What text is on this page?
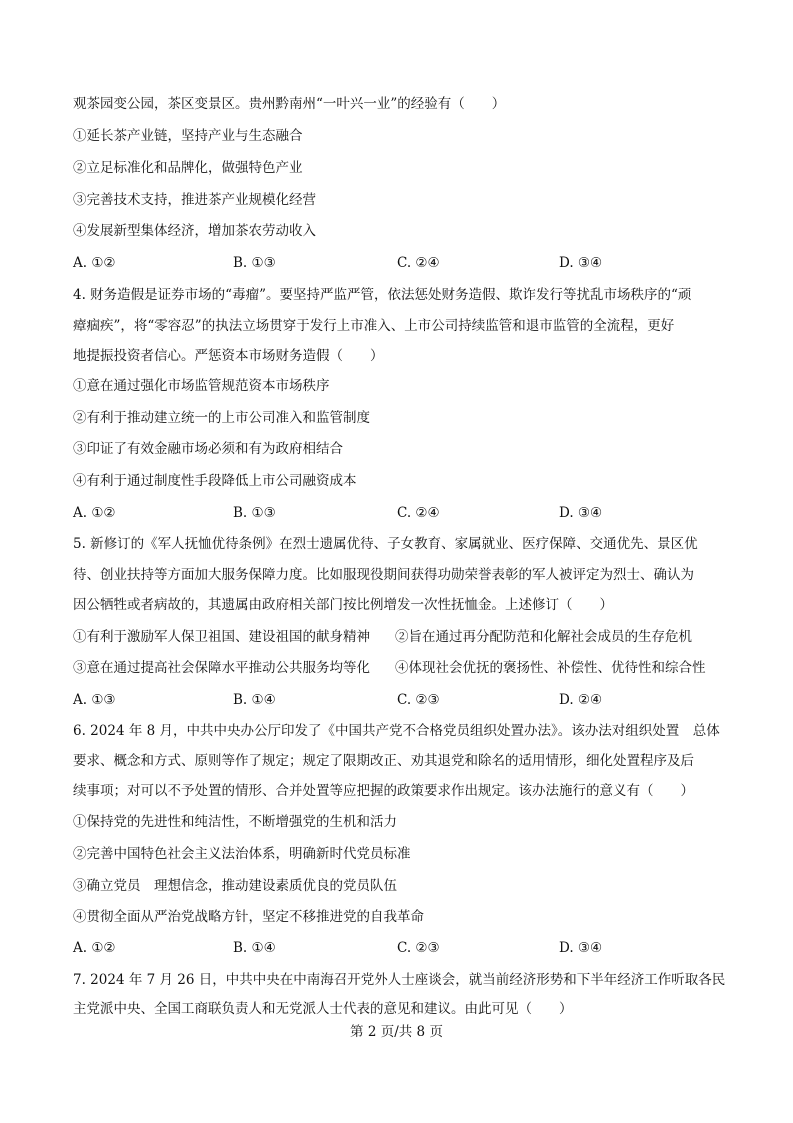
观茶园变公园，茶区变景区。贵州黔南州“一叶兴一业”的经验有（　　）
①延长茶产业链，坚持产业与生态融合
②立足标准化和品牌化，做强特色产业
③完善技术支持，推进茶产业规模化经营
④发展新型集体经济，增加茶农劳动收入
A. ①②	B. ①③	C. ②④	D. ③④
4. 财务造假是证券市场的“毒瘤”。要坚持严监严管，依法惩处财务造假、欺诈发行等扰乱市场秩序的“顽
瘴痼疾”，将“零容忍”的执法立场贯穿于发行上市准入、上市公司持续监管和退市监管的全流程，更好
地提振投资者信心。严惩资本市场财务造假（　　）
①意在通过强化市场监管规范资本市场秩序
②有利于推动建立统一的上市公司准入和监管制度
③印证了有效金融市场必须和有为政府相结合
④有利于通过制度性手段降低上市公司融资成本
A. ①②	B. ①③	C. ②④	D. ③④
5. 新修订的《军人抚恤优待条例》在烈士遗属优待、子女教育、家属就业、医疗保障、交通优先、景区优
待、创业扶持等方面加大服务保障力度。比如服现役期间获得功勋荣誉表彰的军人被评定为烈士、确认为
因公牺牲或者病故的，其遗属由政府相关部门按比例增发一次性抚恤金。上述修订（　　）
①有利于激励军人保卫祖国、建设祖国的献身精神 ②旨在通过再分配防范和化解社会成员的生存危机
③意在通过提高社会保障水平推动公共服务均等化 ④体现社会优抚的褒扬性、补偿性、优待性和综合性
A. ①③	B. ①④	C. ②③	D. ②④
6. 2024 年 8 月，中共中央办公厅印发了《中国共产党不合格党员组织处置办法》。该办法对组织处置　总体
要求、概念和方式、原则等作了规定；规定了限期改正、劝其退党和除名的适用情形，细化处置程序及后
续事项；对可以不予处置的情形、合并处置等应把握的政策要求作出规定。该办法施行的意义有（　　）
①保持党的先进性和纯洁性，不断增强党的生机和活力
②完善中国特色社会主义法治体系，明确新时代党员标准
③确立党员　理想信念，推动建设素质优良的党员队伍
④贯彻全面从严治党战略方针，坚定不移推进党的自我革命
A. ①②	B. ①④	C. ②③	D. ③④
7. 2024 年 7 月 26 日，中共中央在中南海召开党外人士座谈会，就当前经济形势和下半年经济工作听取各民
主党派中央、全国工商联负责人和无党派人士代表的意见和建议。由此可见（　　）
第 2 页/共 8 页
